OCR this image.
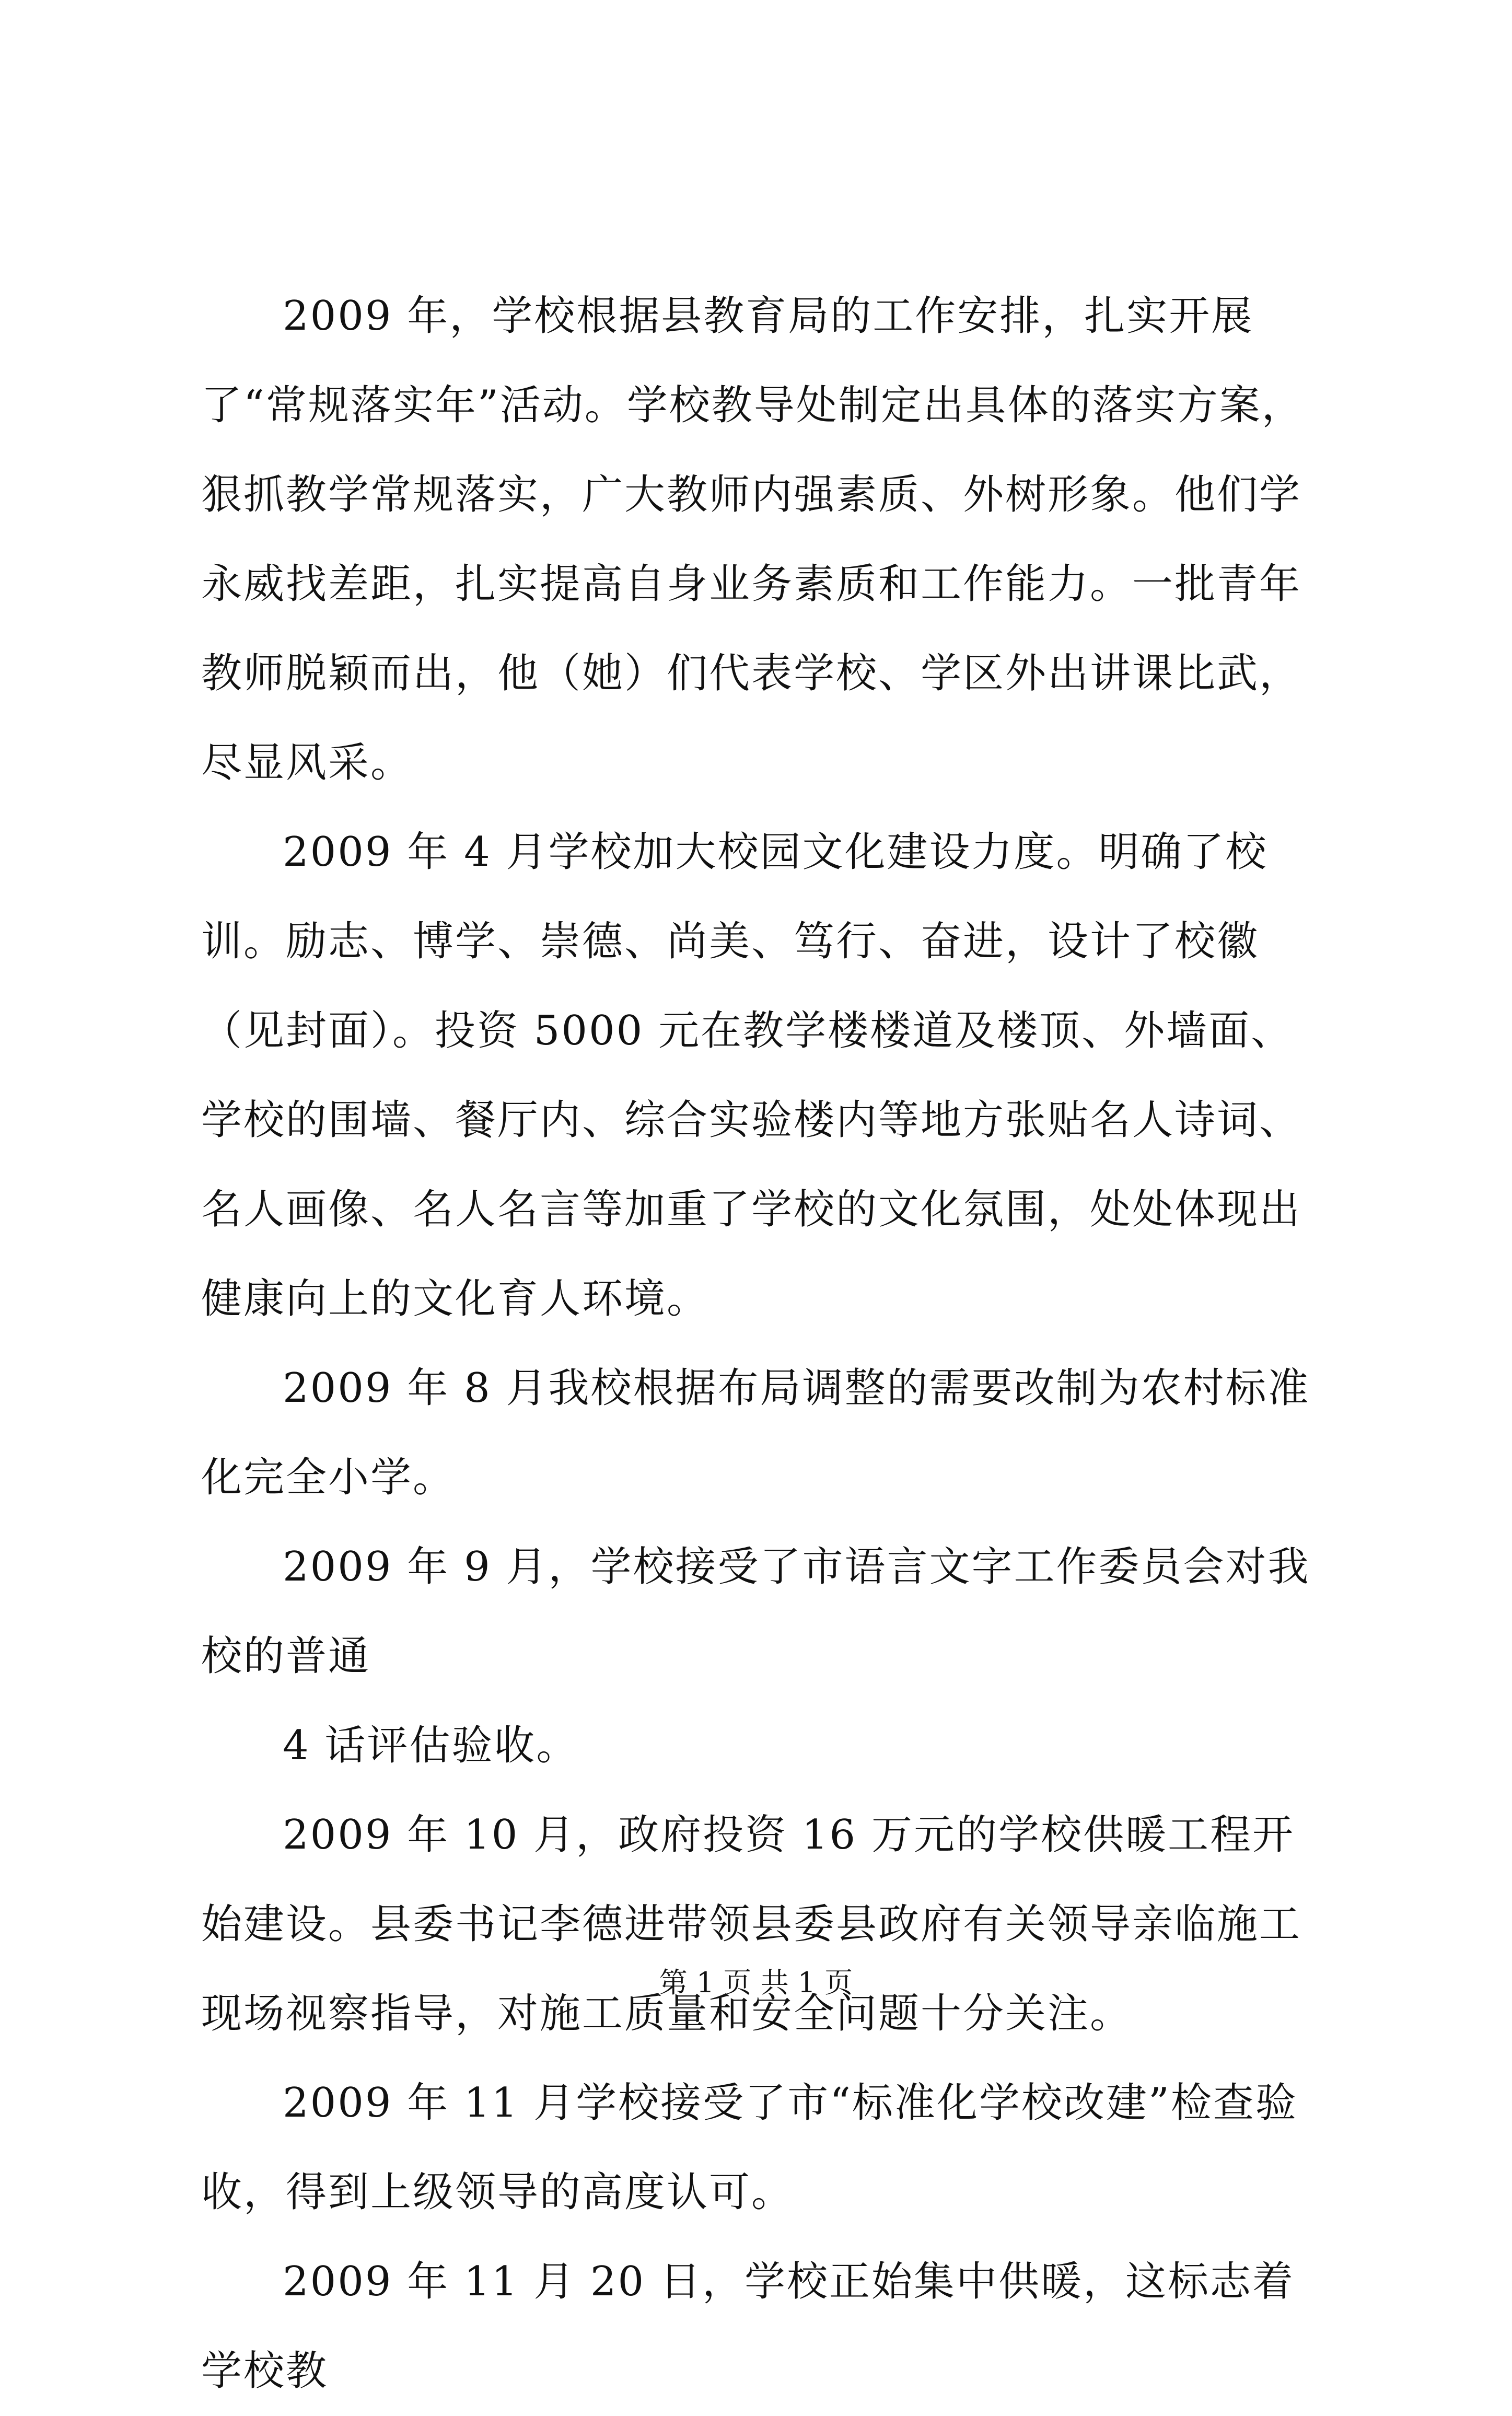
2009 年，学校根据县教育局的工作安排，扎实开展了“常规落实年”活动。学校教导处制定出具体的落实方案，狠抓教学常规落实，广大教师内强素质、外树形象。他们学永威找差距，扎实提高自身业务素质和工作能力。一批青年教师脱颖而出，他（她）们代表学校、学区外出讲课比武，尽显风采。

2009 年 4 月学校加大校园文化建设力度。明确了校训。励志、博学、崇德、尚美、笃行、奋进，设计了校徽（见封面）。投资 5000 元在教学楼楼道及楼顶、外墙面、学校的围墙、餐厅内、综合实验楼内等地方张贴名人诗词、名人画像、名人名言等加重了学校的文化氛围，处处体现出健康向上的文化育人环境。

2009 年 8 月我校根据布局调整的需要改制为农村标准化完全小学。

2009 年 9 月，学校接受了市语言文字工作委员会对我校的普通

4 话评估验收。

2009 年 10 月，政府投资 16 万元的学校供暖工程开始建设。县委书记李德进带领县委县政府有关领导亲临施工现场视察指导，对施工质量和安全问题十分关注。

2009 年 11 月学校接受了市“标准化学校改建”检查验收，得到上级领导的高度认可。

2009 年 11 月 20 日，学校正始集中供暖，这标志着学校教

第 1 页 共 1 页
